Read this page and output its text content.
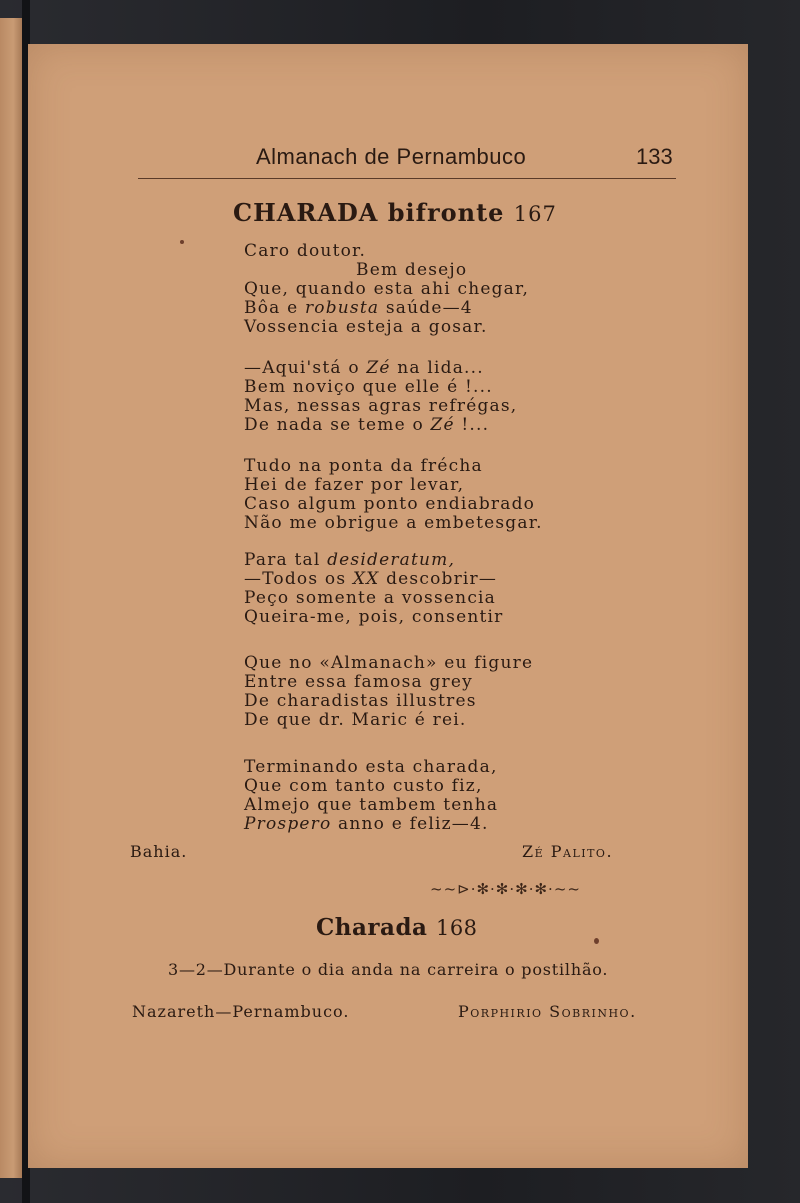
Almanach de Pernambuco	133
CHARADA bifronte 167
Caro doutor.
Bem desejo
Que, quando esta ahi chegar,
Bôa e robusta saúde—4
Vossencia esteja a gosar.
—Aqui'stá o Zé na lida...
Bem noviço que elle é !...
Mas, nessas agras refrégas,
De nada se teme o Zé !...
Tudo na ponta da frécha
Hei de fazer por levar,
Caso algum ponto endiabrado
Não me obrigue a embetesgar.
Para tal desideratum,
—Todos os XX descobrir—
Peço somente a vossencia
Queira-me, pois, consentir
Que no «Almanach» eu figure
Entre essa famosa grey
De charadistas illustres
De que dr. Maric é rei.
Terminando esta charada,
Que com tanto custo fiz,
Almejo que tambem tenha
Prospero anno e feliz—4.
Bahia.	Zé Palito.
~~⊳·✻·✻·✻·✻·~~
Charada 168
3—2—Durante o dia anda na carreira o postilhão.
Nazareth—Pernambuco.	Porphirio Sobrinho.
